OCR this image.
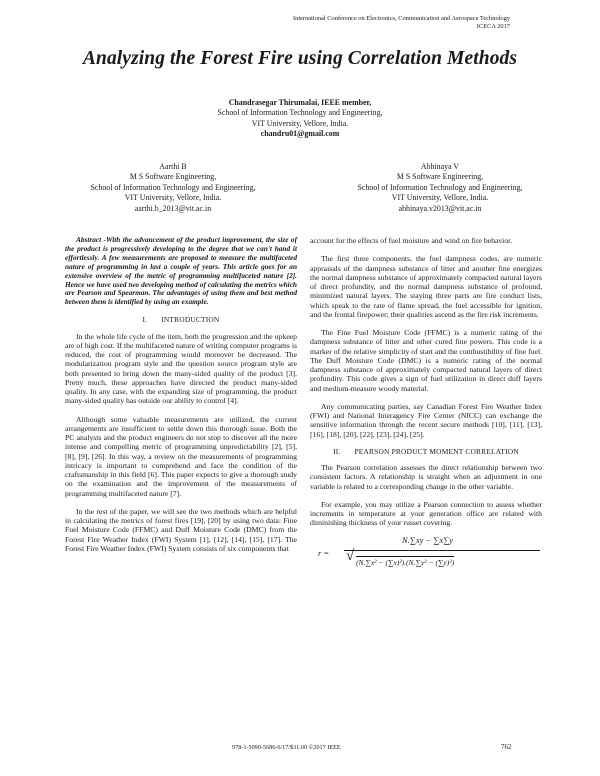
International Conference on Electronics, Communication and Aerospace Technology
ICECA 2017
Analyzing the Forest Fire using Correlation Methods
Chandrasegar Thirumalai, IEEE member,
School of Information Technology and Engineering,
VIT University, Vellore, India.
chandru01@gmail.com
Aarthi B
M S Software Engineering,
School of Information Technology and Engineering,
VIT University, Vellore, India.
aarthi.b_2013@vit.ac.in
Abhinaya V
M S Software Engineering,
School of Information Technology and Engineering,
VIT University, Vellore, India.
abhinaya.v2013@vit.ac.in

Abstract -With the advancement of the product improvement, the size of the product is progressively developing to the degree that we can't hand it effortlessly. A few measurements are proposed to measure the multifaceted nature of programming in last a couple of years. This article goes for an extensive overview of the metric of programming multifaceted nature [2]. Hence we have used two developing method of calculating the metrics which are Pearson and Spearman. The advantages of using them and best method between them is identified by using an example.

I. INTRODUCTION

In the whole life cycle of the item, both the progression and the upkeep are of high cost. If the multifaceted nature of writing computer programs is reduced, the cost of programming would moreover be decreased. The modularization program style and the question source program style are both presented to bring down the many-sided quality of the product [3]. Pretty much, these approaches have directed the product many-sided quality. In any case, with the expanding size of programming, the product many-sided quality has outside our ability to control [4].

Although some valuable measurements are utilized, the current arrangements are insufficient to settle down this thorough issue. Both the PC analysts and the product engineers do not stop to discover all the more intense and compelling metric of programming unpredictability [2], [5], [8], [9], [26]. In this way, a review on the measurements of programming intricacy is important to comprehend and face the condition of the craftsmanship in this field [6]. This paper expects to give a thorough study on the examination and the improvement of the measurements of programming multifaceted nature [7].

In the rest of the paper, we will see the two methods which are helpful in calculating the metrics of forest fires [19], [20] by using two data: Fine Fuel Moisture Code (FFMC) and Duff Moisture Code (DMC) from the Forest Fire Weather Index (FWI) System [1], [12], [14], [15], [17]. The Forest Fire Weather Index (FWI) System consists of six components that

account for the effects of fuel moisture and wind on fire behavior.

The first three components, the fuel dampness codes, are numeric appraisals of the dampness substance of litter and another fine energizes the normal dampness substance of approximately compacted natural layers of direct profundity, and the normal dampness substance of profound, minimized natural layers. The staying three parts are fire conduct lists, which speak to the rate of flame spread, the fuel accessible for ignition, and the frontal firepower; their qualities ascend as the fire risk increments.

The Fine Fuel Moisture Code (FFMC) is a numeric rating of the dampness substance of litter and other cured fine powers. This code is a marker of the relative simplicity of start and the combustibility of fine fuel. The Duff Moisture Code (DMC) is a numeric rating of the normal dampness substance of approximately compacted natural layers of direct profundity. This code gives a sign of fuel utilization in direct duff layers and medium-measure woody material.

Any communicating parties, say Canadian Forest Fire Weather Index (FWI) and National Interagency Fire Center (NICC) can exchange the sensitive information through the recent secure methods [10], [11], [13], [16], [18], [20], [22], [23], [24], [25].

II. PEARSON PRODUCT MOMENT CORRELATION

The Pearson correlation assesses the direct relationship between two consistent factors. A relationship is straight when an adjustment in one variable is related to a corresponding change in the other variable.

For example, you may utilize a Pearson connection to assess whether increments in temperature at your generation office are related with diminishing thickness of your russet covering.

r =
N.∑xy − ∑x∑y
√ (N.∑x² − (∑x)²).(N.∑y² − (∑y)²)
978-1-5090-5686-6/17/$31.00 ©2017 IEEE	762
